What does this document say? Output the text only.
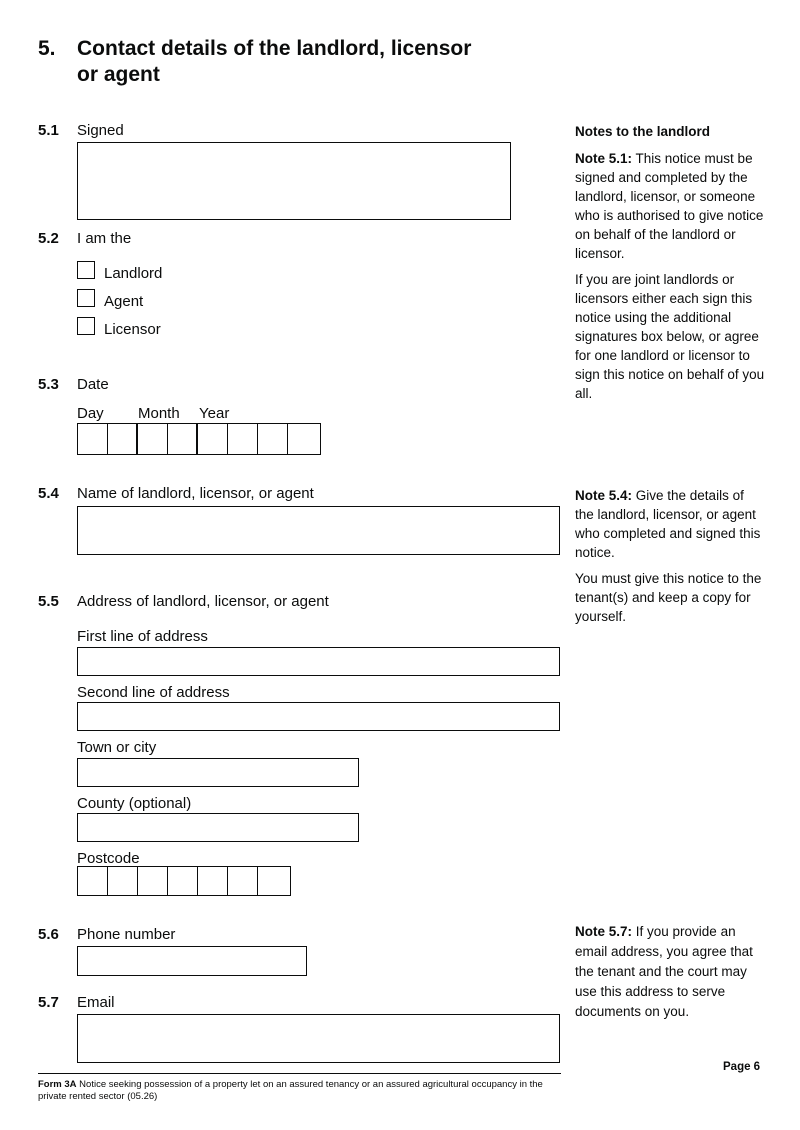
5. Contact details of the landlord, licensor
or agent
5.1 Signed
5.2 I am the
Landlord
Agent
Licensor
5.3 Date
Day Month Year
5.4 Name of landlord, licensor, or agent
5.5 Address of landlord, licensor, or agent
First line of address
Second line of address
Town or city
County (optional)
Postcode
5.6 Phone number
5.7 Email

Notes to the landlord

Note 5.1: This notice must be signed and completed by the landlord, licensor, or someone who is authorised to give notice on behalf of the landlord or licensor.

If you are joint landlords or licensors either each sign this notice using the additional signatures box below, or agree for one landlord or licensor to sign this notice on behalf of you all.

Note 5.4: Give the details of the landlord, licensor, or agent who completed and signed this notice.

You must give this notice to the tenant(s) and keep a copy for yourself.

Note 5.7: If you provide an email address, you agree that the tenant and the court may use this address to serve documents on you.

Page 6
Form 3A Notice seeking possession of a property let on an assured tenancy or an assured agricultural occupancy in the private rented sector (05.26)
